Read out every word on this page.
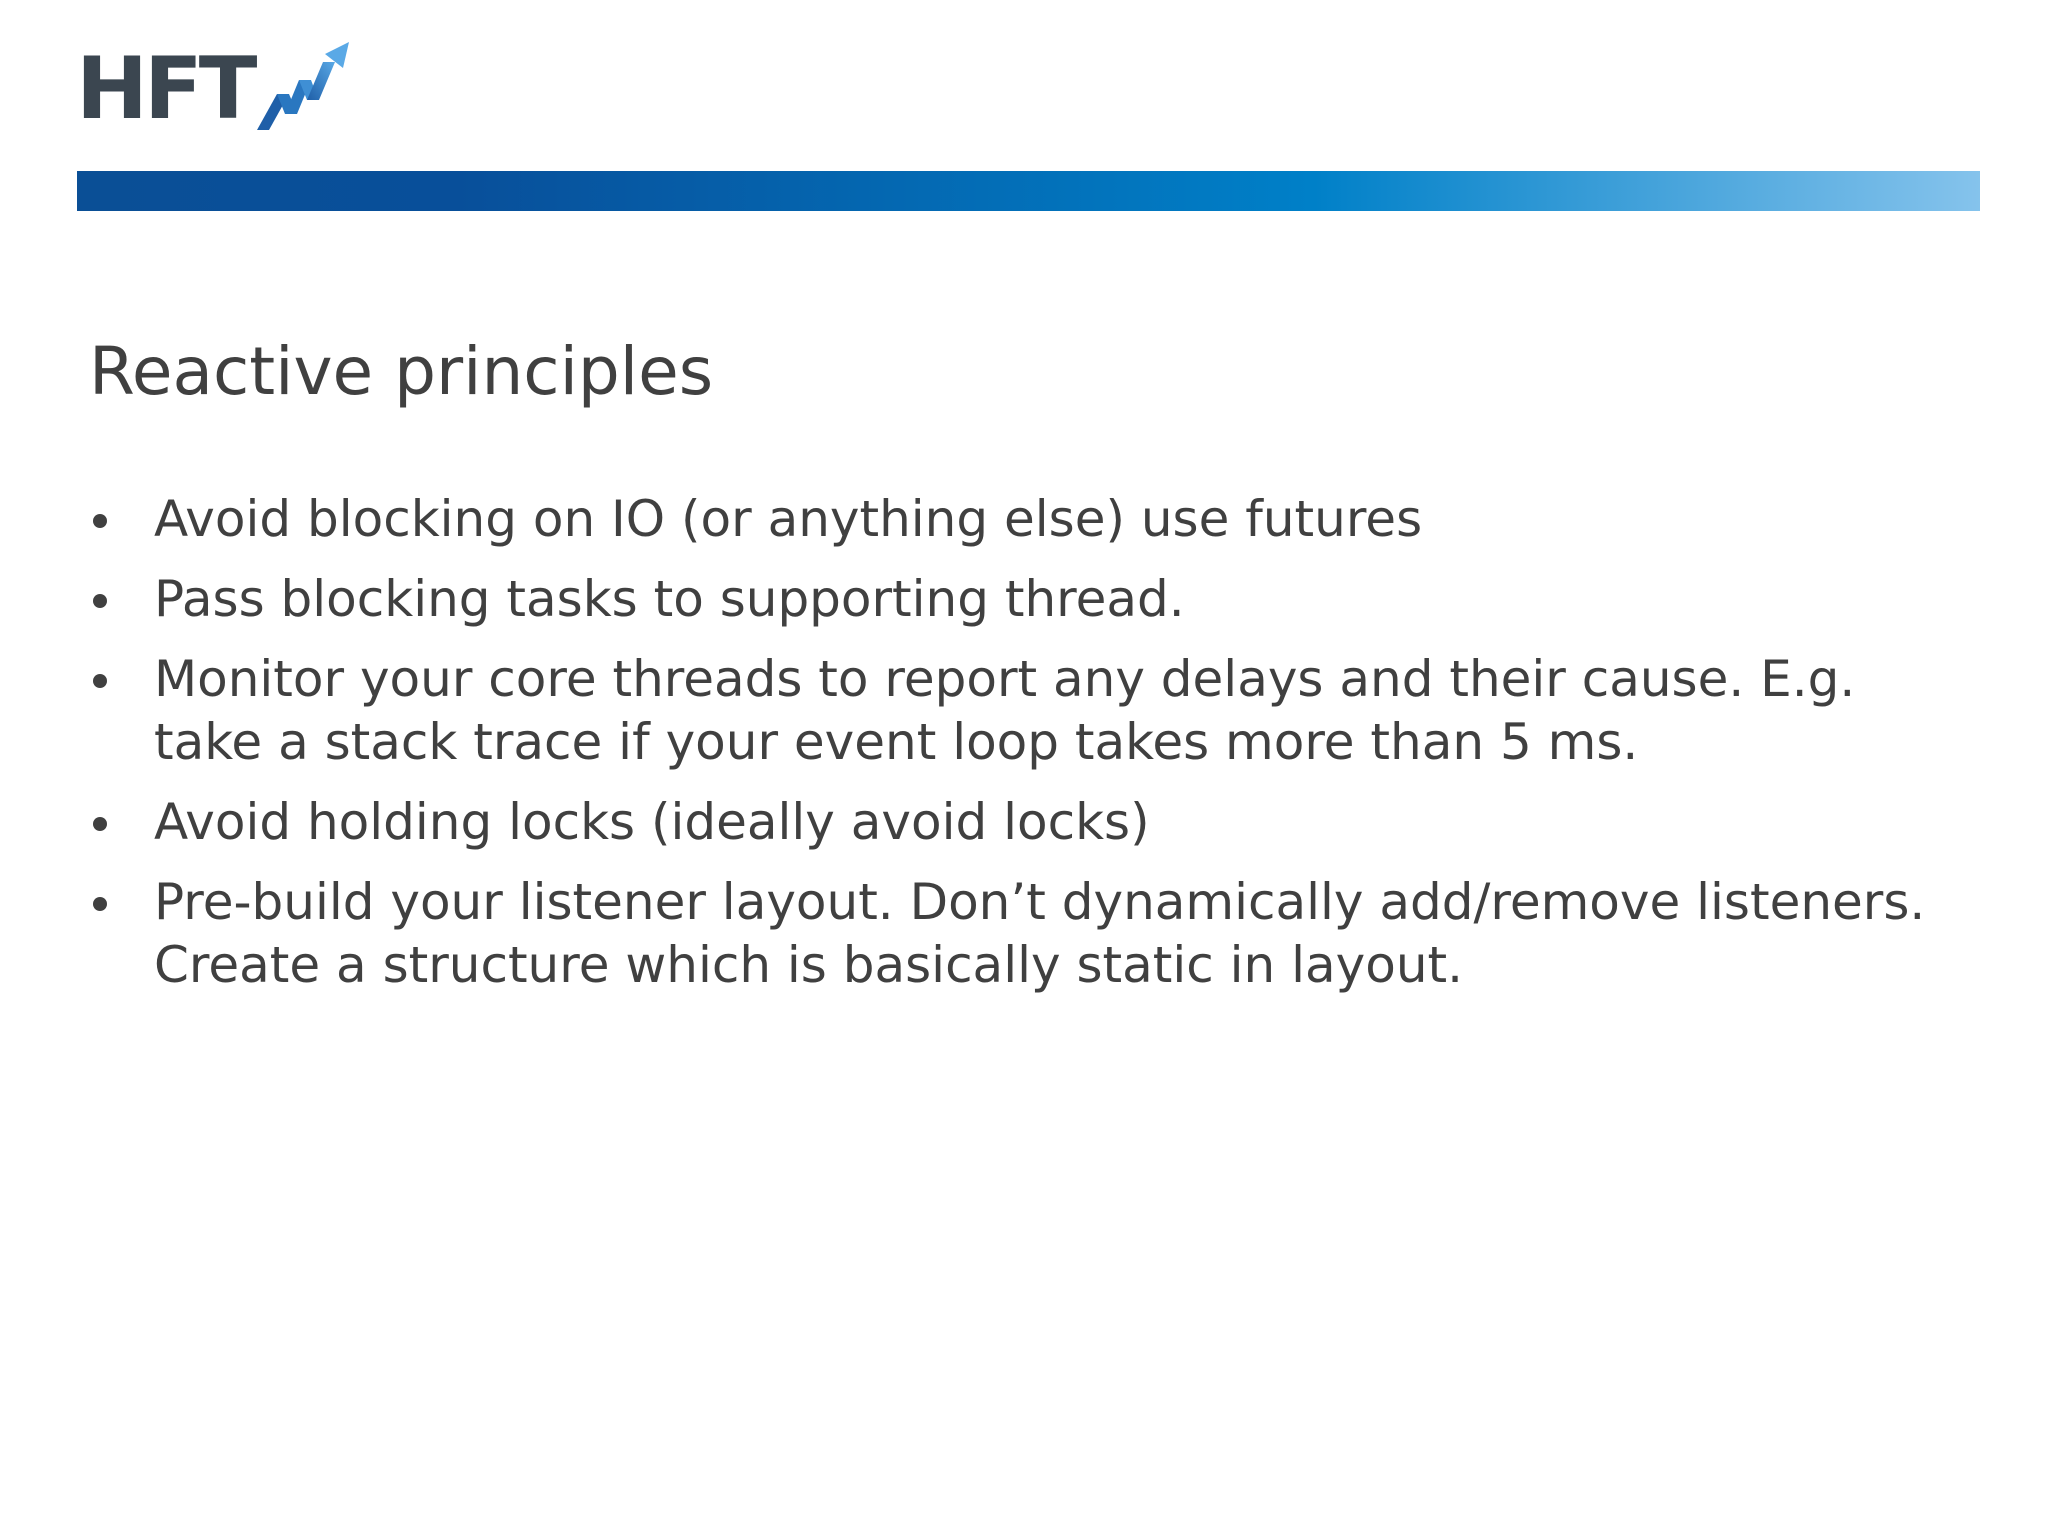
HFT
Reactive principles
Avoid blocking on IO (or anything else) use futures
Pass blocking tasks to supporting thread.
Monitor your core threads to report any delays and their cause. E.g. take a stack trace if your event loop takes more than 5 ms.
Avoid holding locks (ideally avoid locks)
Pre-build your listener layout. Don’t dynamically add/remove listeners. Create a structure which is basically static in layout.
